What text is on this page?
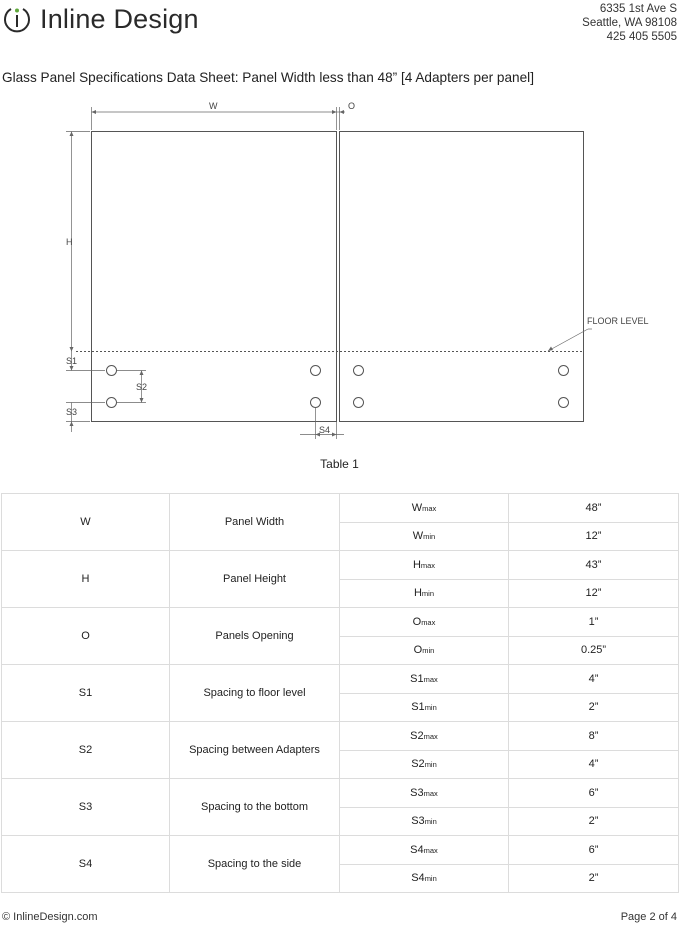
Inline Design	6335 1st Ave S
Seattle, WA 98108
425 405 5505
Glass Panel Specifications Data Sheet: Panel Width less than 48” [4 Adapters per panel]
W	O
H
S1
S2
S3
S4
FLOOR LEVEL
Table 1
W	Panel Width	Wmax	48”
		Wmin	12”
H	Panel Height	Hmax	43”
		Hmin	12”
O	Panels Opening	Omax	1”
		Omin	0.25”
S1	Spacing to floor level	S1max	4”
		S1min	2”
S2	Spacing between Adapters	S2max	8”
		S2min	4”
S3	Spacing to the bottom	S3max	6”
		S3min	2”
S4	Spacing to the side	S4max	6”
		S4min	2”
© InlineDesign.com	Page 2 of 4
